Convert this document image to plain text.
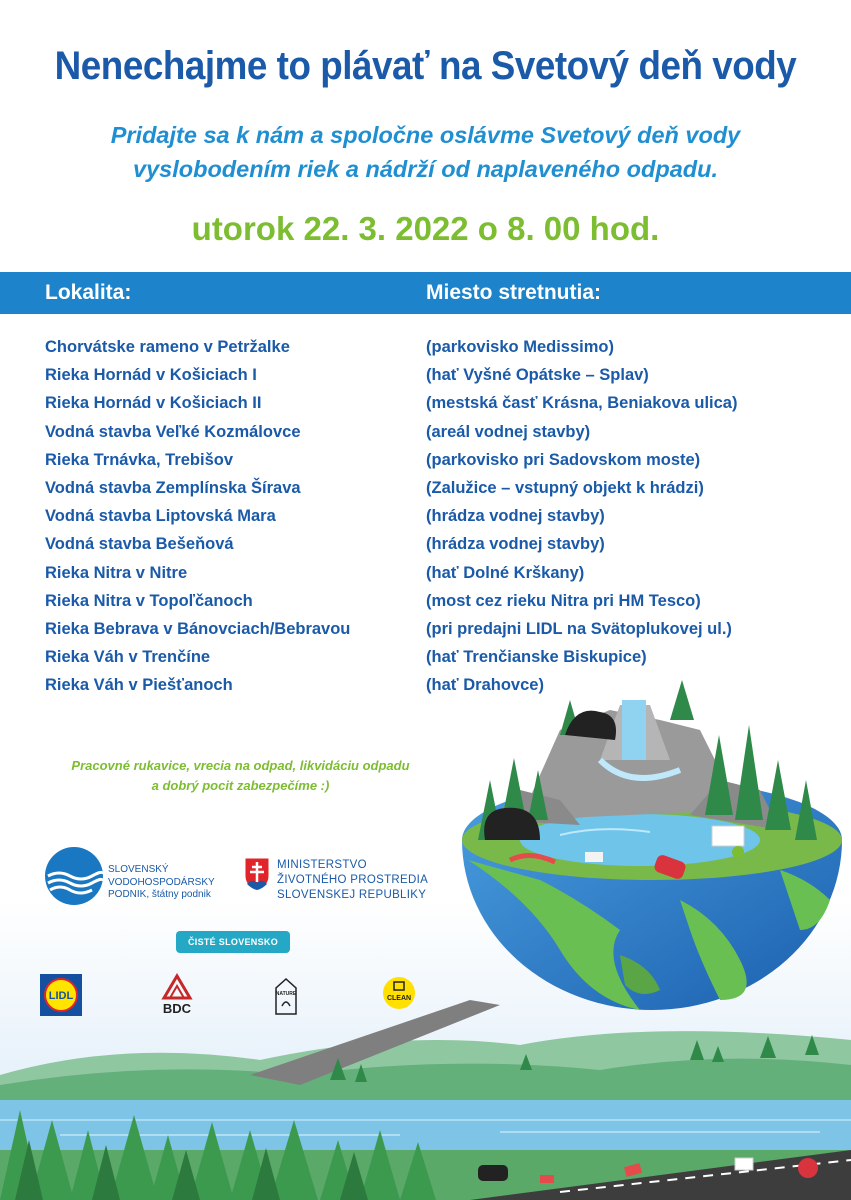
Nenechajme to plávať na Svetový deň vody
Pridajte sa k nám a spoločne oslávme Svetový deň vody
vyslobodením riek a nádrží od naplaveného odpadu.
utorok 22. 3. 2022 o 8. 00 hod.
Lokalita:	Miesto stretnutia:
Chorvátske rameno v Petržalke	(parkovisko Medissimo)
Rieka Hornád v Košiciach I	(hať Vyšné Opátske – Splav)
Rieka Hornád v Košiciach II	(mestská časť Krásna, Beniakova ulica)
Vodná stavba Veľké Kozmálovce	(areál vodnej stavby)
Rieka Trnávka, Trebišov	(parkovisko pri Sadovskom moste)
Vodná stavba Zemplínska Šírava	(Zalužice – vstupný objekt k hrádzi)
Vodná stavba Liptovská Mara	(hrádza vodnej stavby)
Vodná stavba Bešeňová	(hrádza vodnej stavby)
Rieka Nitra v Nitre	(hať Dolné Krškany)
Rieka Nitra v Topoľčanoch	(most cez rieku Nitra pri HM Tesco)
Rieka Bebrava v Bánovciach/Bebravou	(pri predajni LIDL na Svätoplukovej ul.)
Rieka Váh v Trenčíne	(hať Trenčianske Biskupice)
Rieka Váh v Piešťanoch	(hať Drahovce)
Pracovné rukavice, vrecia na odpad, likvidáciu odpadu
a dobrý pocit zabezpečíme :)
SLOVENSKÝ
VODOHOSPODÁRSKY
PODNIK, štátny podnik
MINISTERSTVO
ŽIVOTNÉHO PROSTREDIA
SLOVENSKEJ REPUBLIKY
ČISTÉ SLOVENSKO
LIDL
BDC
NATURE
CLEAN
